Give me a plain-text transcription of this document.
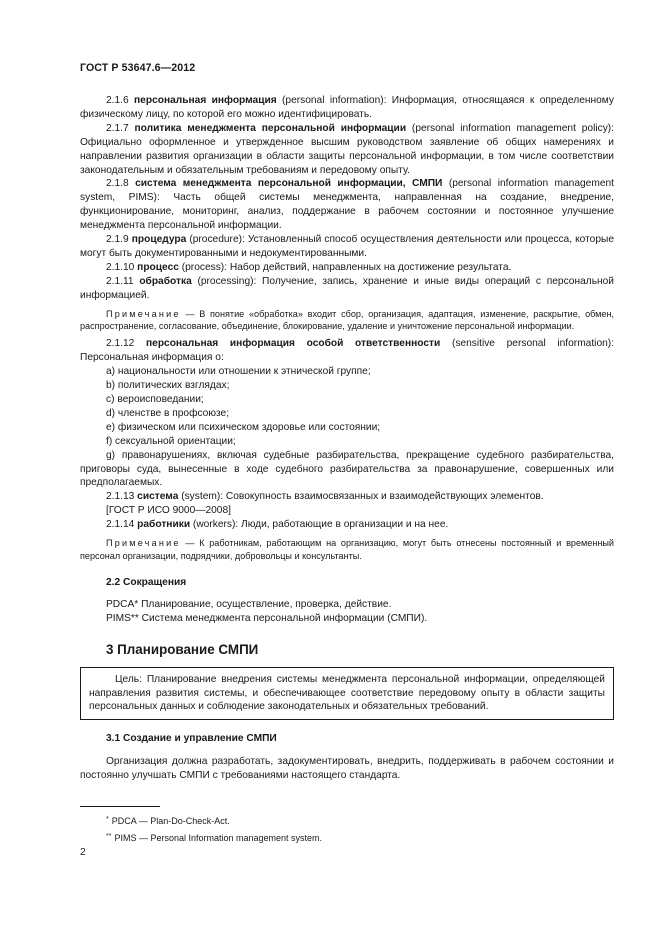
ГОСТ Р 53647.6—2012

2.1.6 персональная информация (personal information): Информация, относящаяся к определенному физическому лицу, по которой его можно идентифицировать.

2.1.7 политика менеджмента персональной информации (personal information management policy): Официально оформленное и утвержденное высшим руководством заявление об общих намерениях и направлении развития организации в области защиты персональной информации, в том числе соответствии законодательным и обязательным требованиям и передовому опыту.

2.1.8 система менеджмента персональной информации, СМПИ (personal information management system, PIMS): Часть общей системы менеджмента, направленная на создание, внедрение, функционирование, мониторинг, анализ, поддержание в рабочем состоянии и постоянное улучшение менеджмента персональной информации.

2.1.9 процедура (procedure): Установленный способ осуществления деятельности или процесса, которые могут быть документированными и недокументированными.

2.1.10 процесс (process): Набор действий, направленных на достижение результата.

2.1.11 обработка (processing): Получение, запись, хранение и иные виды операций с персональной информацией.

Примечание — В понятие «обработка» входит сбор, организация, адаптация, изменение, раскрытие, обмен, распространение, согласование, объединение, блокирование, удаление и уничтожение персональной информации.

2.1.12 персональная информация особой ответственности (sensitive personal information): Персональная информация о:

a) национальности или отношении к этнической группе;

b) политических взглядах;

c) вероисповедании;

d) членстве в профсоюзе;

e) физическом или психическом здоровье или состоянии;

f) сексуальной ориентации;

g) правонарушениях, включая судебные разбирательства, прекращение судебного разбирательства, приговоры суда, вынесенные в ходе судебного разбирательства за правонарушение, совершенных или предполагаемых.

2.1.13 система (system): Совокупность взаимосвязанных и взаимодействующих элементов.

[ГОСТ Р ИСО 9000—2008]

2.1.14 работники (workers): Люди, работающие в организации и на нее.

Примечание — К работникам, работающим на организацию, могут быть отнесены постоянный и временный персонал организации, подрядчики, добровольцы и консультанты.

2.2 Сокращения

PDCA* Планирование, осуществление, проверка, действие.

PIMS** Система менеджмента персональной информации (СМПИ).

3 Планирование СМПИ

Цель: Планирование внедрения системы менеджмента персональной информации, определяющей направления развития системы, и обеспечивающее соответствие передовому опыту в области защиты персональных данных и соблюдение законодательных и обязательных требований.

3.1 Создание и управление СМПИ

Организация должна разработать, задокументировать, внедрить, поддерживать в рабочем состоянии и постоянно улучшать СМПИ с требованиями настоящего стандарта.

* PDCA — Plan-Do-Check-Act.
** PIMS — Personal Information management system.
2
